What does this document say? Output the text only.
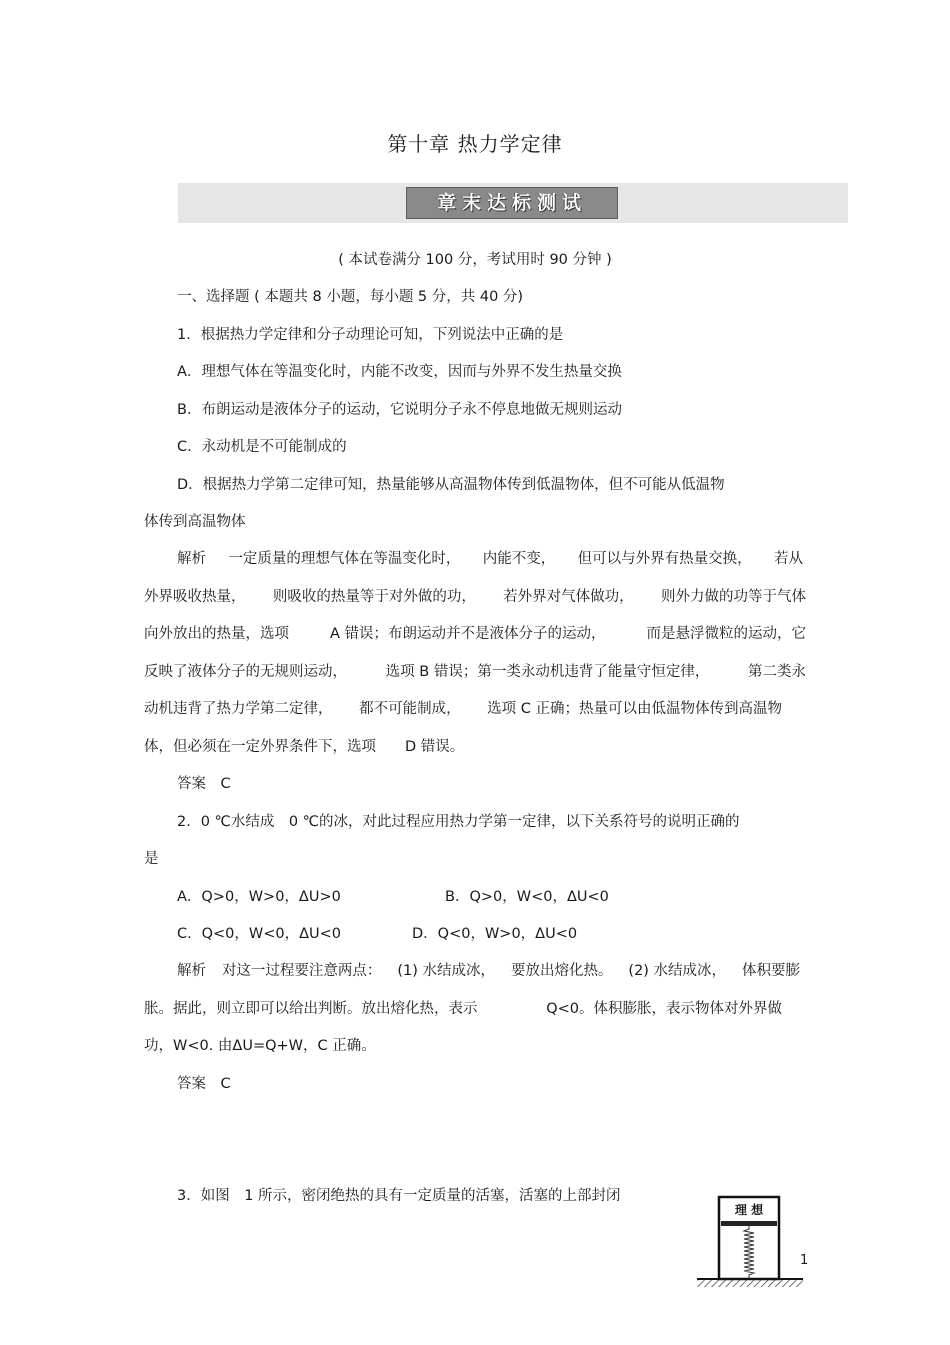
第十章 热力学定律
章末达标测试
( 本试卷满分 100 分，考试用时 90 分钟 )
一、选择题 ( 本题共 8 小题，每小题 5 分，共 40 分)
1．根据热力学定律和分子动理论可知，下列说法中正确的是
A．理想气体在等温变化时，内能不改变，因而与外界不发生热量交换
B．布朗运动是液体分子的运动，它说明分子永不停息地做无规则运动
C．永动机是不可能制成的
D．根据热力学第二定律可知，热量能够从高温物体传到低温物体，但不可能从低温物
体传到高温物体
解析 一定质量的理想气体在等温变化时， 内能不变， 但可以与外界有热量交换， 若从
外界吸收热量， 则吸收的热量等于对外做的功， 若外界对气体做功， 则外力做的功等于气体
向外放出的热量，选项	A 错误；布朗运动并不是液体分子的运动，	而是悬浮微粒的运动，它
反映了液体分子的无规则运动，	选项 B 错误；第一类永动机违背了能量守恒定律，	第二类永
动机违背了热力学第二定律， 都不可能制成， 选项 C 正确；热量可以由低温物体传到高温物
体，但必须在一定外界条件下，选项　　D 错误。
答案　C
2．0 ℃水结成　0 ℃的冰，对此过程应用热力学第一定律，以下关系符号的说明正确的
是
A．Q>0，W>0，ΔU>0	B．Q>0，W<0，ΔU<0
C．Q<0，W<0，ΔU<0	D．Q<0，W>0，ΔU<0
解析 对这一过程要注意两点： (1) 水结成冰， 要放出熔化热。 (2) 水结成冰， 体积要膨
胀。据此，则立即可以给出判断。放出熔化热，表示	Q<0。体积膨胀，表示物体对外界做
功，W<0. 由ΔU=Q+W，C 正确。
答案　C
3．如图　1 所示，密闭绝热的具有一定质量的活塞，活塞的上部封闭
理 想
1
